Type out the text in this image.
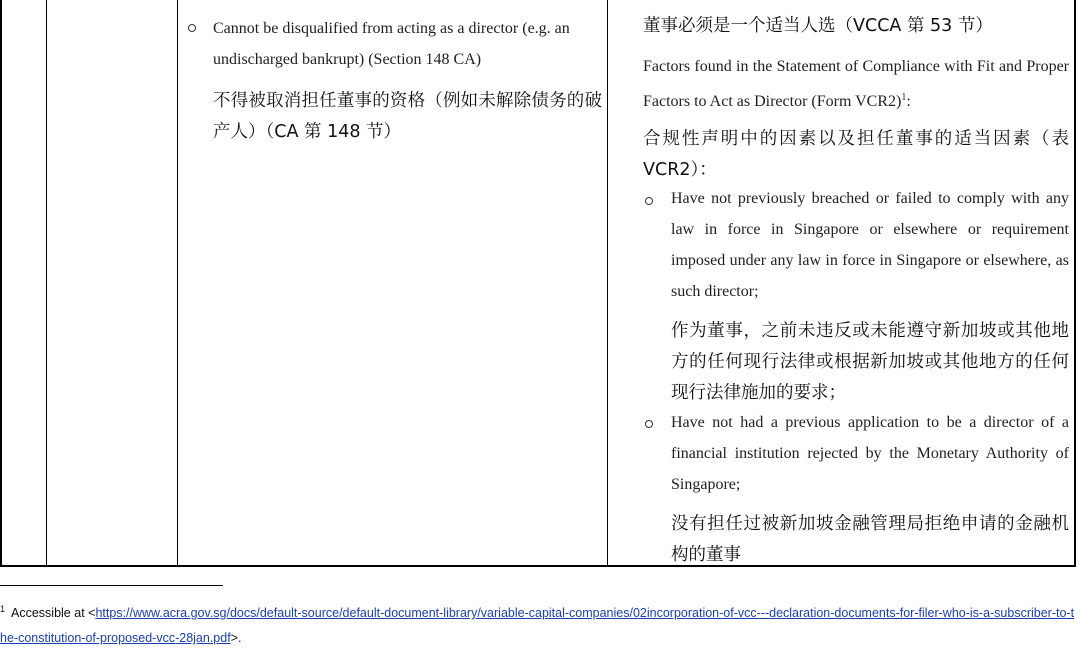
Cannot be disqualified from acting as a director (e.g. an undischarged bankrupt) (Section 148 CA)

不得被取消担任董事的资格（例如未解除债务的破产人）（CA 第 148 节）

董事必须是一个适当人选（VCCA 第 53 节）

Factors found in the Statement of Compliance with Fit and Proper Factors to Act as Director (Form VCR2)$^1$:

合规性声明中的因素以及担任董事的适当因素（表 VCR2）：

Have not previously breached or failed to comply with any law in force in Singapore or elsewhere or requirement imposed under any law in force in Singapore or elsewhere, as such director;

作为董事，之前未违反或未能遵守新加坡或其他地方的任何现行法律或根据新加坡或其他地方的任何现行法律施加的要求；

Have not had a previous application to be a director of a financial institution rejected by the Monetary Authority of Singapore;

没有担任过被新加坡金融管理局拒绝申请的金融机构的董事

$^1$ Accessible at <https://www.acra.gov.sg/docs/default-source/default-document-library/variable-capital-companies/02incorporation-of-vcc---declaration-documents-for-filer-who-is-a-subscriber-to-the-constitution-of-proposed-vcc-28jan.pdf>.
